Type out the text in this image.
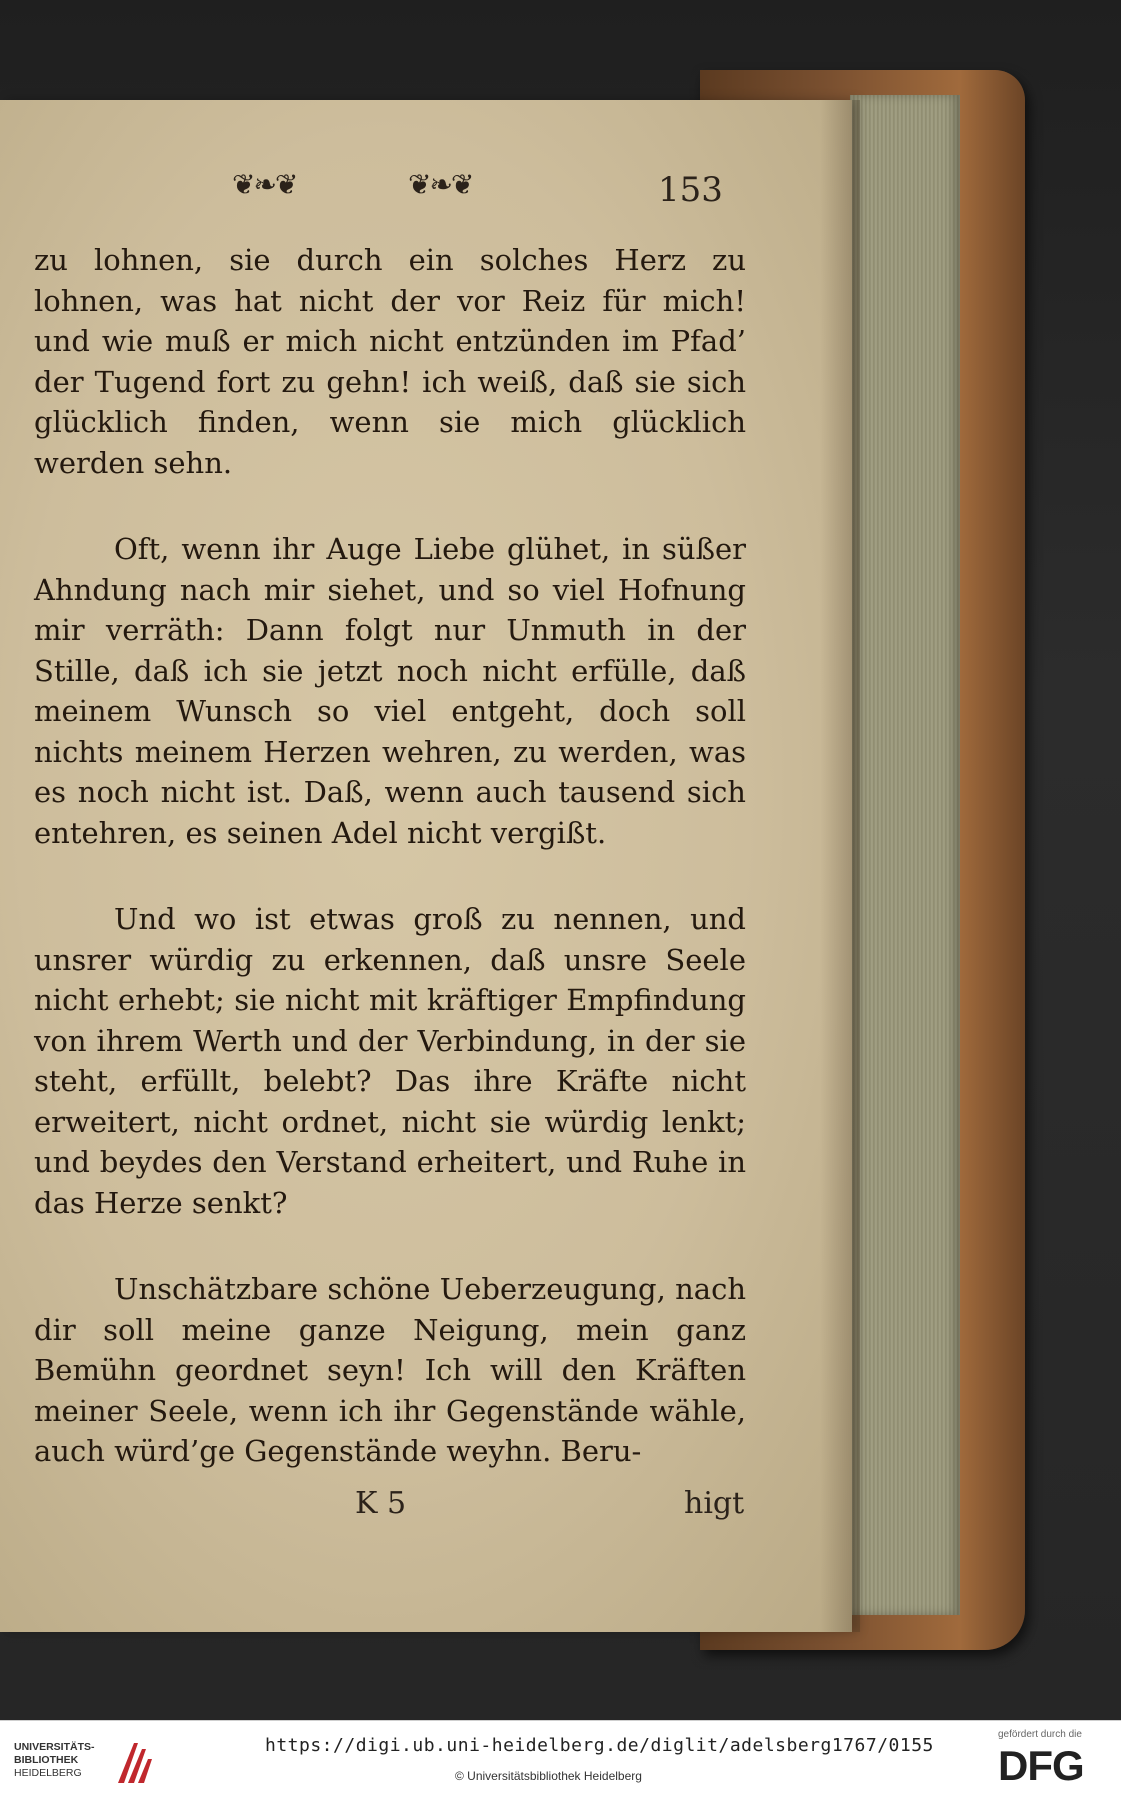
❦❧❦	❦❧❦	153

zu lohnen, sie durch ein solches Herz zu lohnen, was hat nicht der vor Reiz für mich! und wie muß er mich nicht entzünden im Pfad’ der Tugend fort zu gehn! ich weiß, daß sie sich glücklich finden, wenn sie mich glücklich werden sehn.

Oft, wenn ihr Auge Liebe glühet, in süßer Ahndung nach mir siehet, und so viel Hofnung mir verräth: Dann folgt nur Unmuth in der Stille, daß ich sie jetzt noch nicht erfülle, daß meinem Wunsch so viel entgeht, doch soll nichts meinem Herzen wehren, zu werden, was es noch nicht ist. Daß, wenn auch tausend sich entehren, es seinen Adel nicht vergißt.

Und wo ist etwas groß zu nennen, und unsrer würdig zu erkennen, daß unsre Seele nicht erhebt; sie nicht mit kräftiger Empfindung von ihrem Werth und der Verbindung, in der sie steht, erfüllt, belebt? Das ihre Kräfte nicht erweitert, nicht ordnet, nicht sie würdig lenkt; und beydes den Verstand erheitert, und Ruhe in das Herze senkt?

Unschätzbare schöne Ueberzeugung, nach dir soll meine ganze Neigung, mein ganz Bemühn geordnet seyn! Ich will den Kräften meiner Seele, wenn ich ihr Gegenstände wähle, auch würd’ge Gegenstände weyhn. Beru-

K 5	higt
UNIVERSITÄTS-
BIBLIOTHEK
HEIDELBERG
https://digi.ub.uni-heidelberg.de/diglit/adelsberg1767/0155
© Universitätsbibliothek Heidelberg
gefördert durch die
DFG
